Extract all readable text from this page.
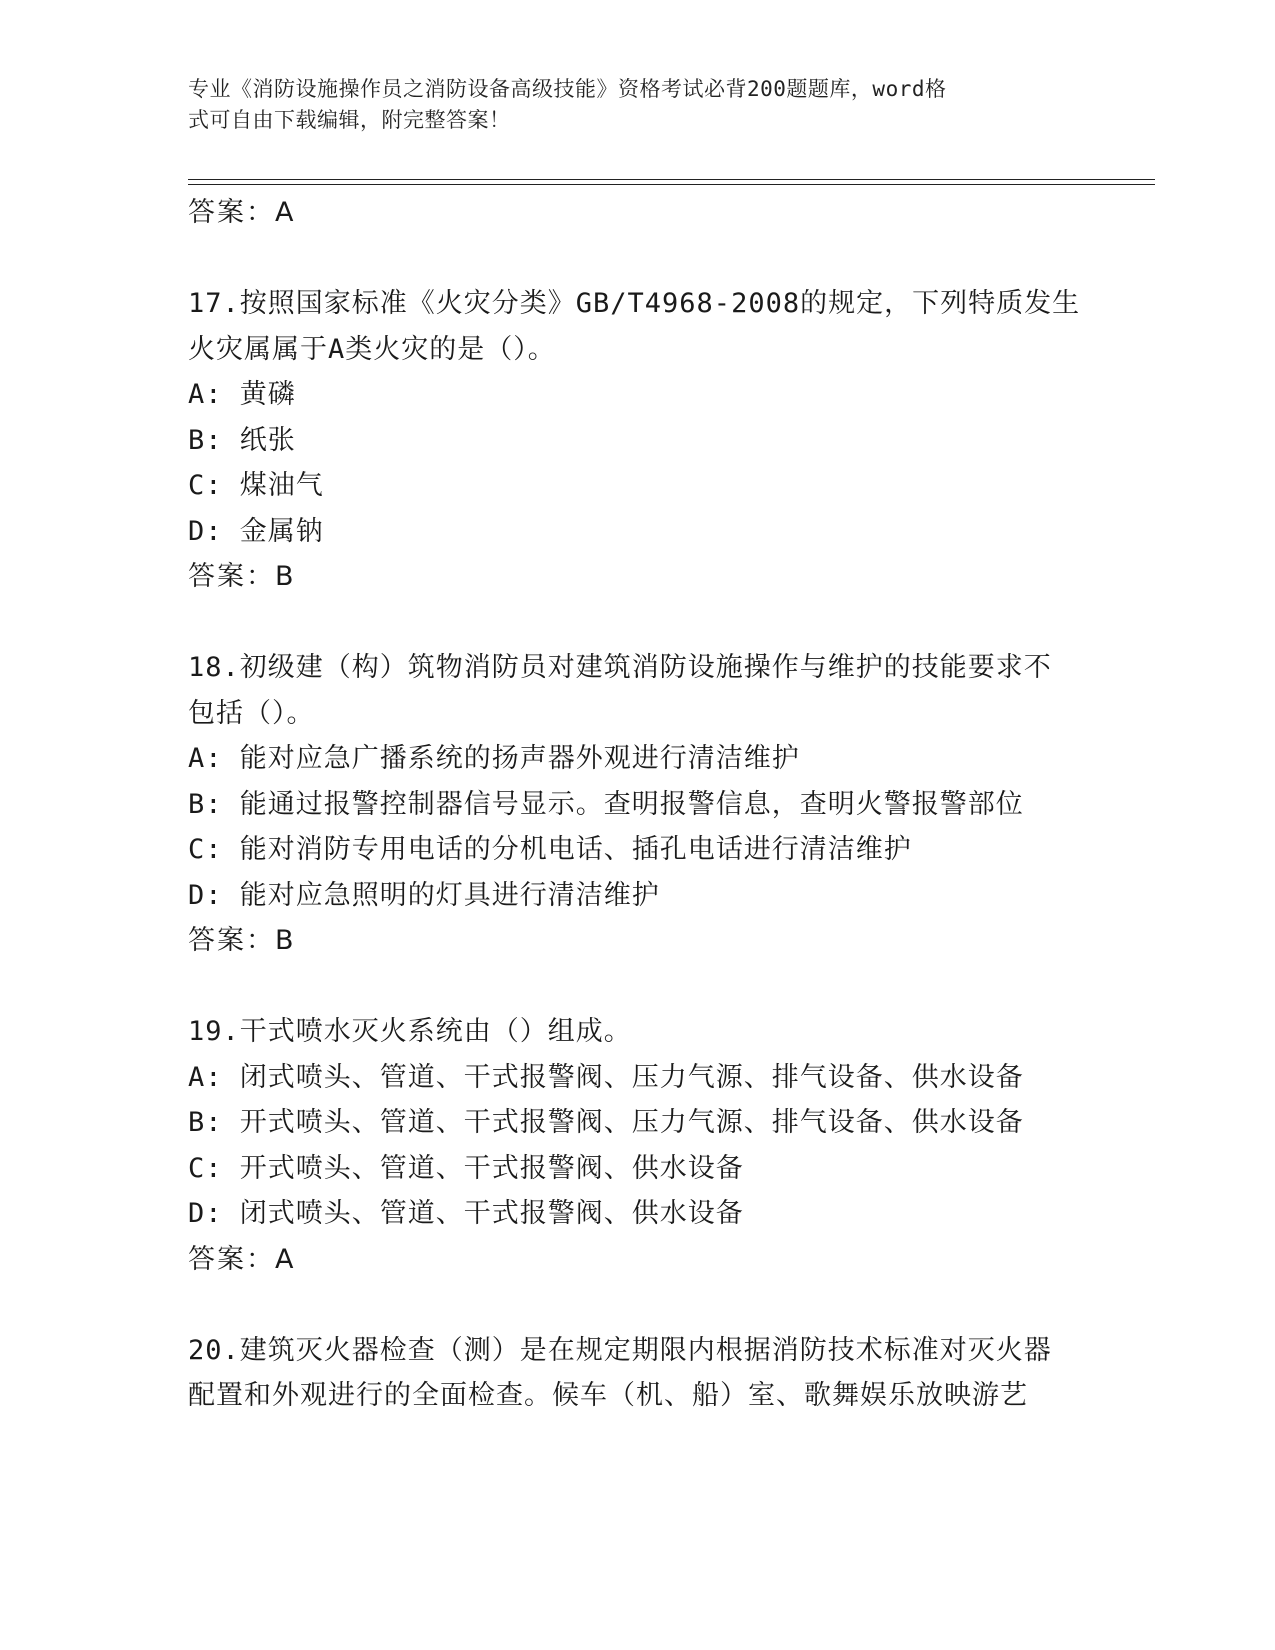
专业《消防设施操作员之消防设备高级技能》资格考试必背200题题库，word格
式可自由下载编辑，附完整答案！
答案：A
17.按照国家标准《火灾分类》GB/T4968-2008的规定，下列特质发生
火灾属属于A类火灾的是（）。
A: 黄磷
B: 纸张
C: 煤油气
D: 金属钠
答案：B
18.初级建（构）筑物消防员对建筑消防设施操作与维护的技能要求不
包括（）。
A: 能对应急广播系统的扬声器外观进行清洁维护
B: 能通过报警控制器信号显示。查明报警信息，查明火警报警部位
C: 能对消防专用电话的分机电话、插孔电话进行清洁维护
D: 能对应急照明的灯具进行清洁维护
答案：B
19.干式喷水灭火系统由（）组成。
A: 闭式喷头、管道、干式报警阀、压力气源、排气设备、供水设备
B: 开式喷头、管道、干式报警阀、压力气源、排气设备、供水设备
C: 开式喷头、管道、干式报警阀、供水设备
D: 闭式喷头、管道、干式报警阀、供水设备
答案：A
20.建筑灭火器检查（测）是在规定期限内根据消防技术标准对灭火器
配置和外观进行的全面检查。候车（机、船）室、歌舞娱乐放映游艺
